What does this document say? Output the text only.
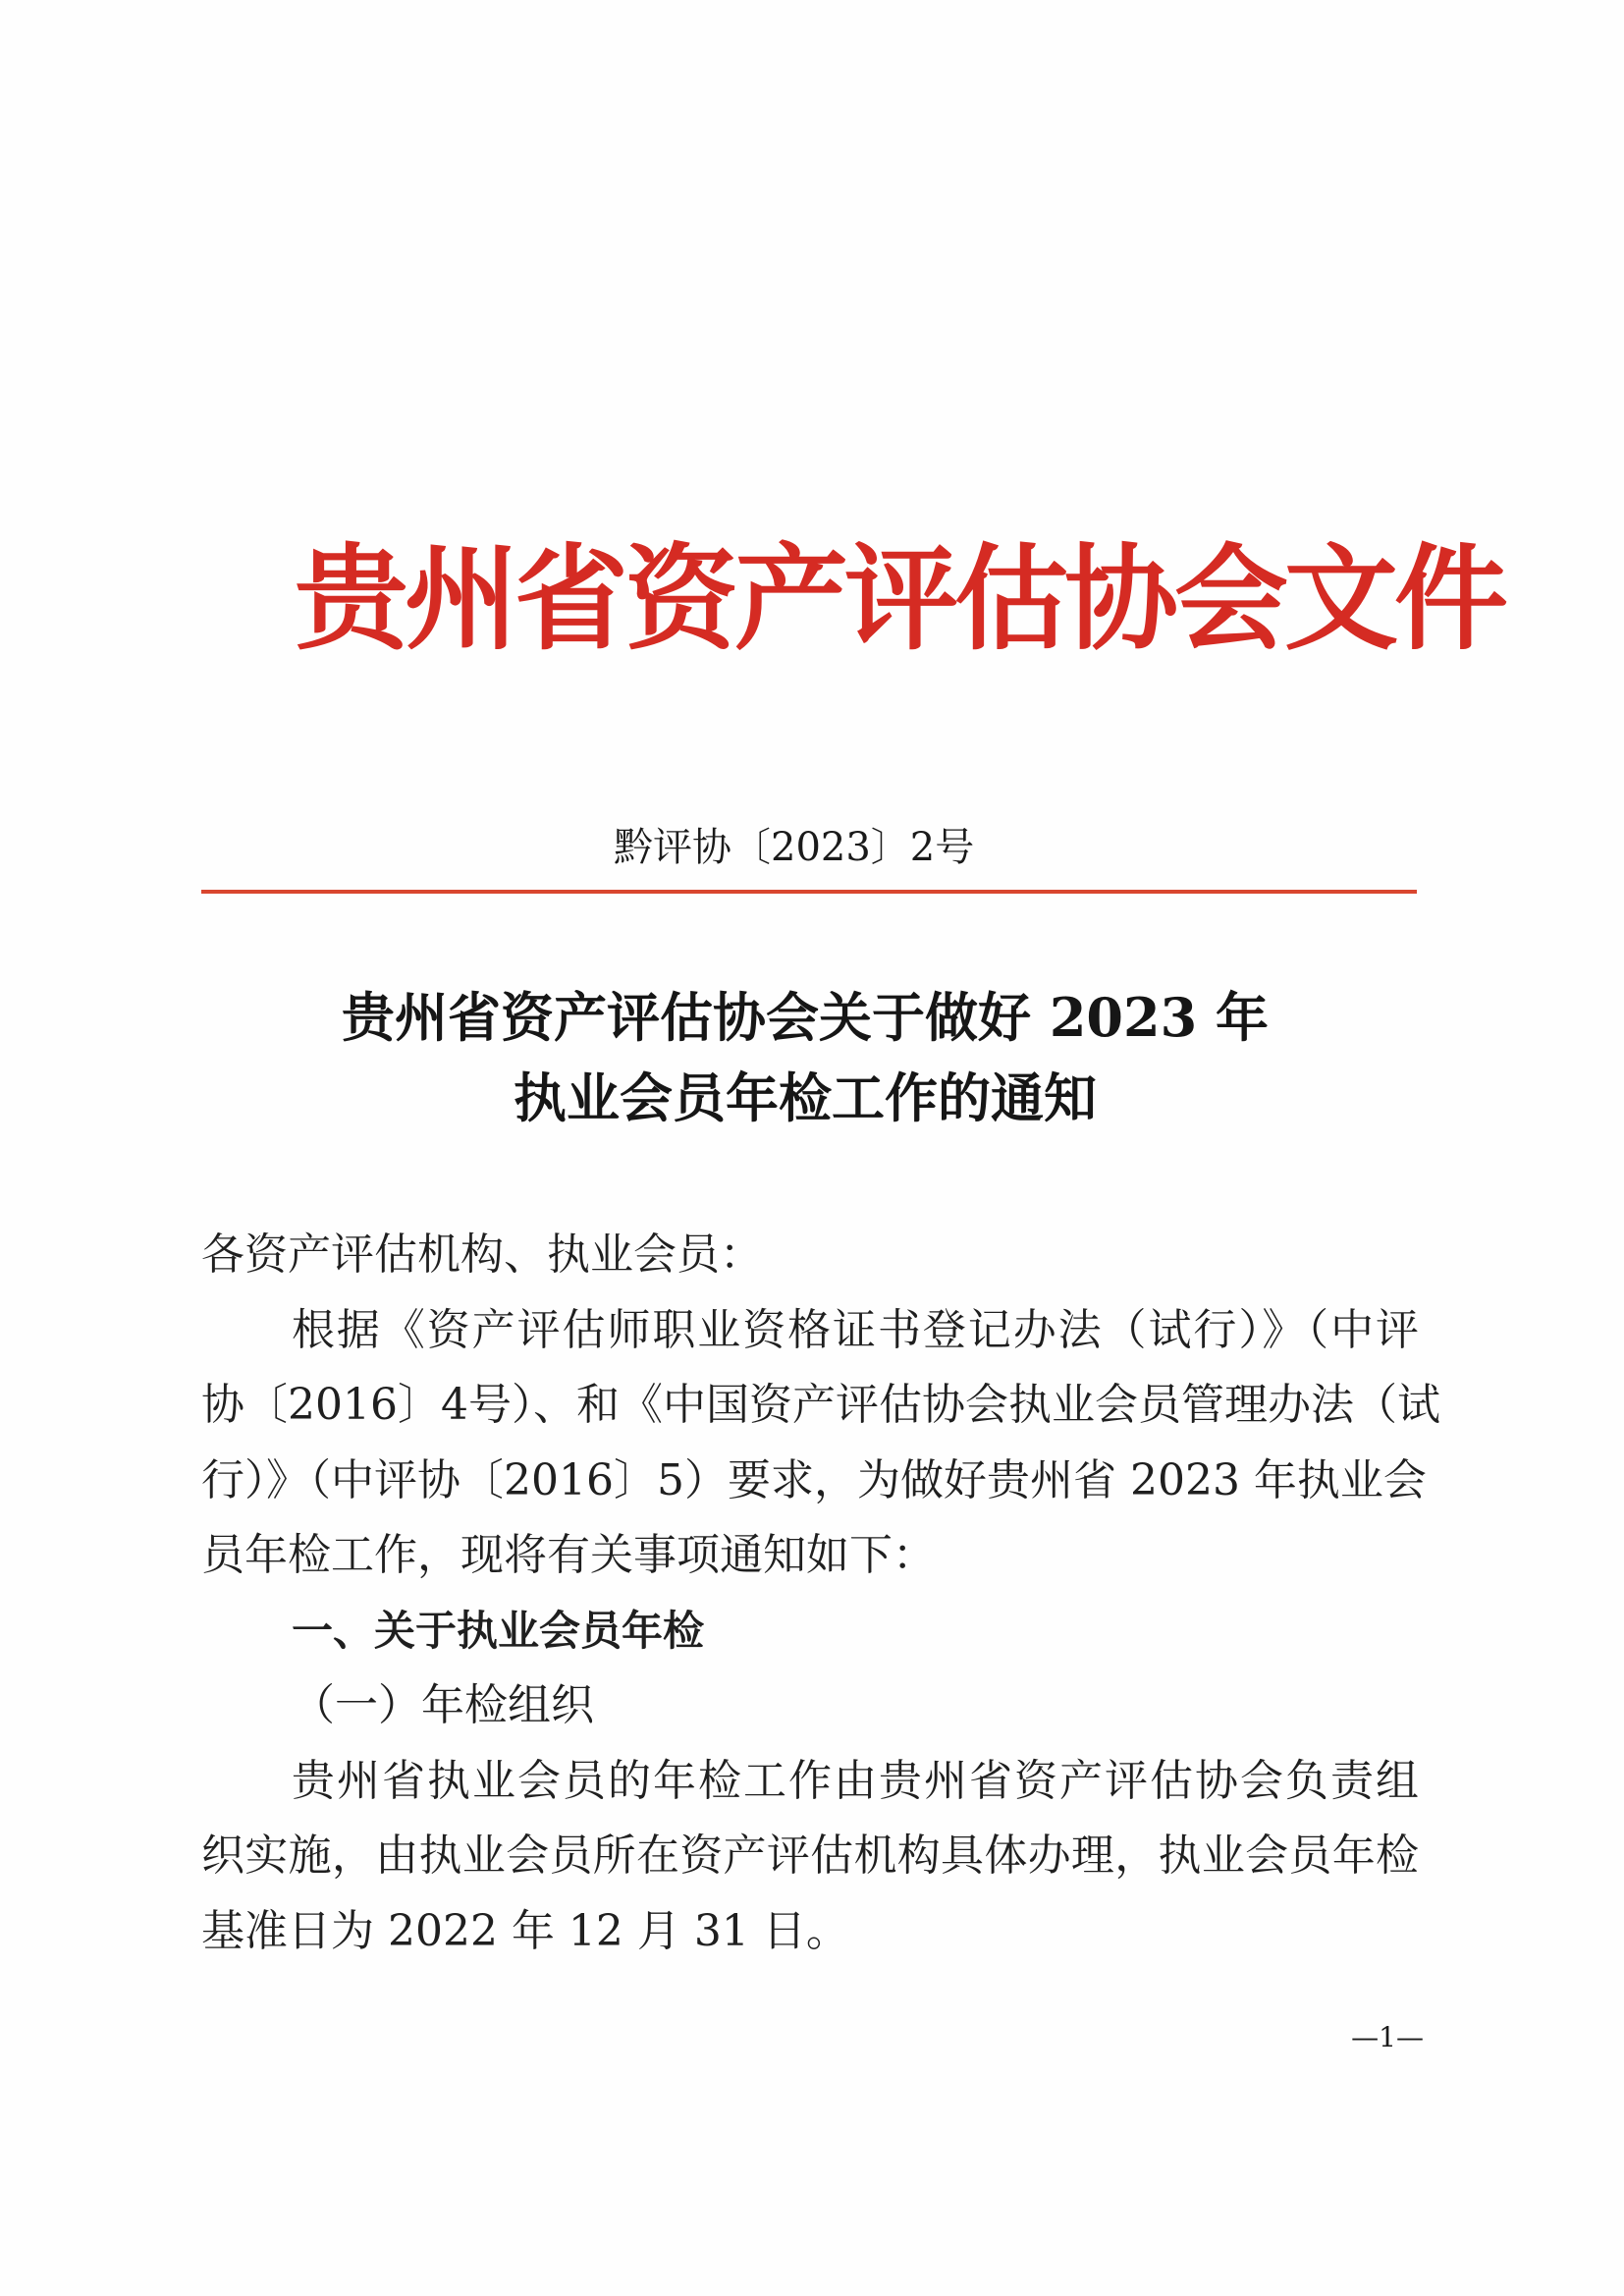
贵州省资产评估协会文件
黔评协〔2023〕2号
贵州省资产评估协会关于做好 2023 年
执业会员年检工作的通知
各资产评估机构、执业会员：
根据《资产评估师职业资格证书登记办法（试行）》（中评
协〔2016〕4号）、和《中国资产评估协会执业会员管理办法（试
行）》（中评协〔2016〕5）要求，为做好贵州省 2023 年执业会
员年检工作，现将有关事项通知如下：
一、关于执业会员年检
（一）年检组织
贵州省执业会员的年检工作由贵州省资产评估协会负责组
织实施，由执业会员所在资产评估机构具体办理，执业会员年检
基准日为 2022 年 12 月 31 日。
—1—
